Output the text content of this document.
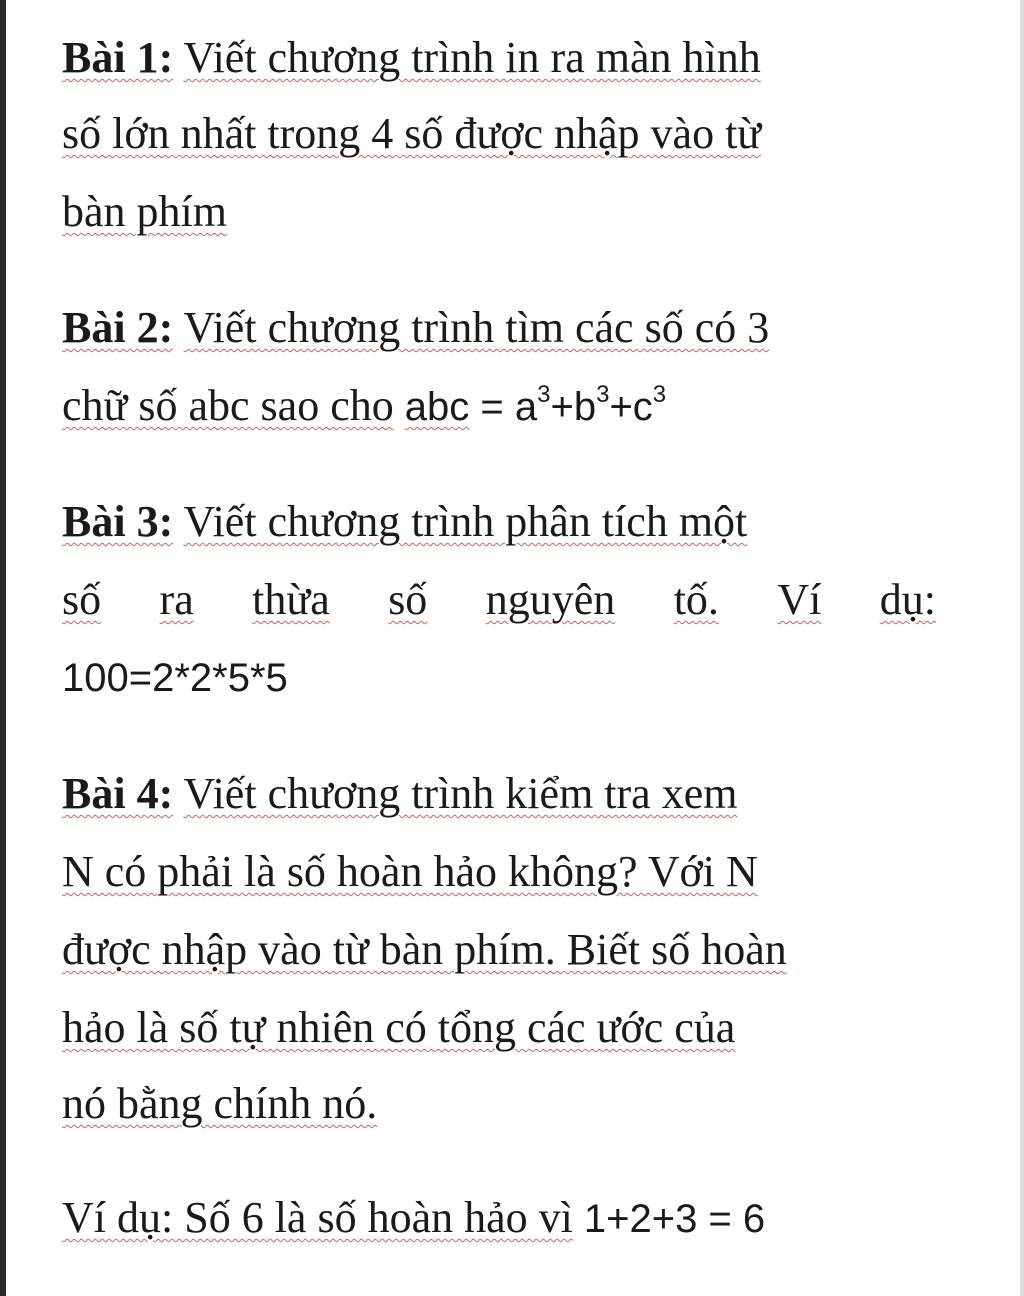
Bài 1: Viết chương trình in ra màn hình
số lớn nhất trong 4 số được nhập vào từ
bàn phím
Bài 2: Viết chương trình tìm các số có 3
chữ số abc sao cho abc = $a^3+b^3+c^3$
Bài 3: Viết chương trình phân tích một
số ra thừa số nguyên tố. Ví dụ:
100=2*2*5*5
Bài 4: Viết chương trình kiểm tra xem
N có phải là số hoàn hảo không? Với N
được nhập vào từ bàn phím. Biết số hoàn
hảo là số tự nhiên có tổng các ước của
nó bằng chính nó.
Ví dụ: Số 6 là số hoàn hảo vì 1+2+3 = 6
